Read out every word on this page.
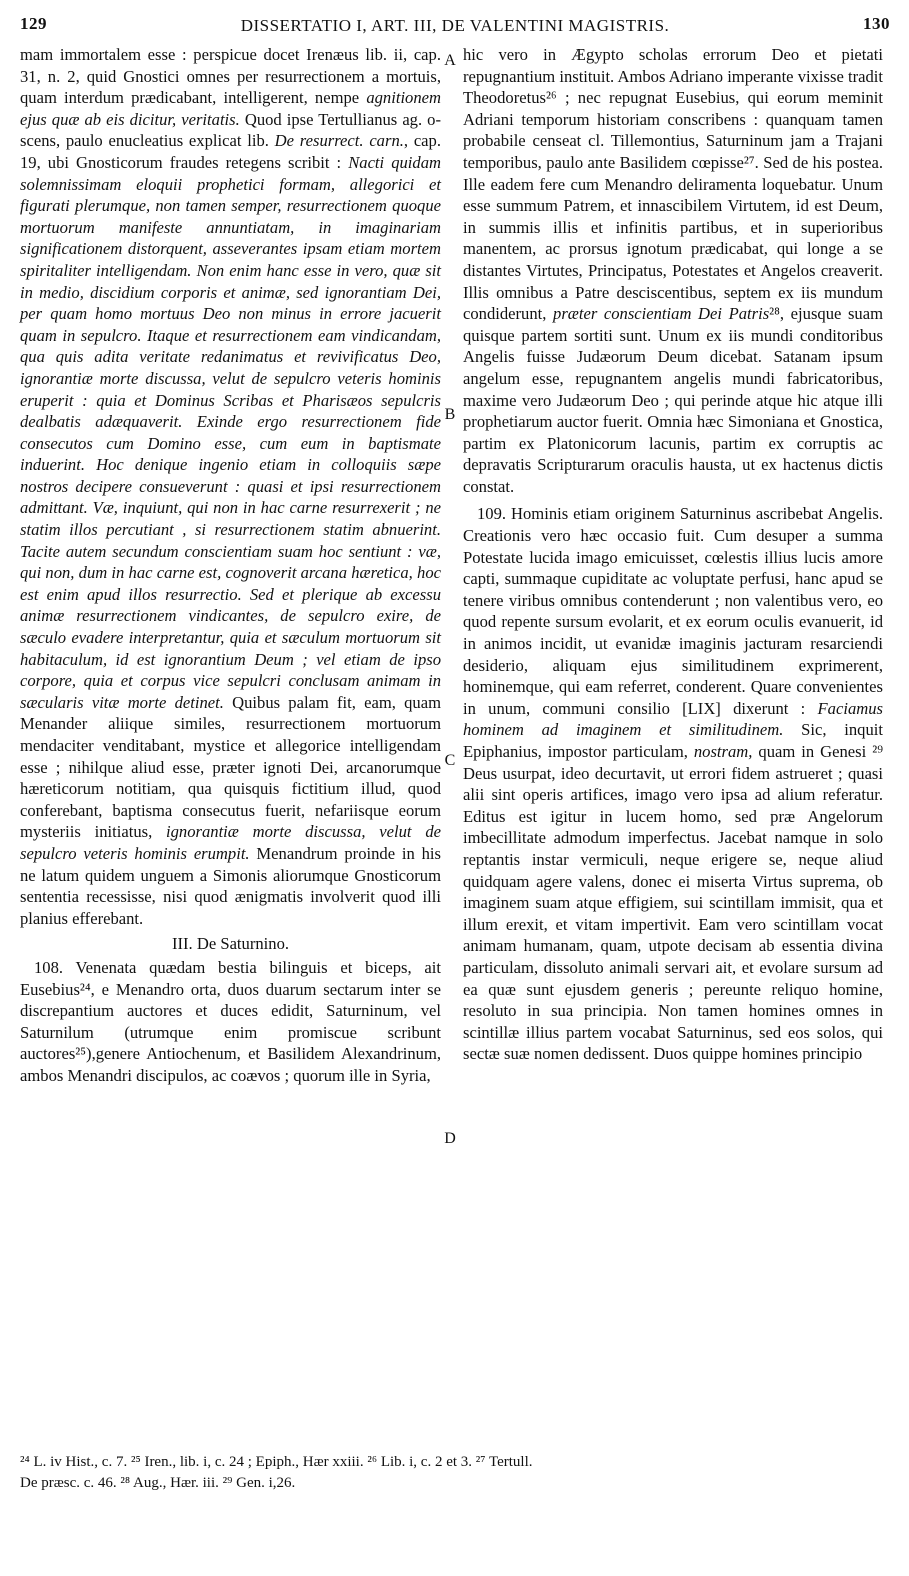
129	DISSERTATIO I, ART. III, DE VALENTINI MAGISTRIS.	130
A
B
C
D

mam immortalem esse : perspicue docet Irenæus lib. ii, cap. 31, n. 2, quid Gnostici omnes per resurrectionem a mortuis, quam interdum prædicabant, intelligerent, nempe agnitionem ejus quæ ab eis dicitur, veritatis. Quod ipse Tertullianus ag. o-scens, paulo enucleatius explicat lib. De resurrect. carn., cap. 19, ubi Gnosticorum fraudes retegens scribit : Nacti quidam solemnissimam eloquii prophetici formam, allegorici et figurati plerumque, non tamen semper, resurrectionem quoque mortuorum manifeste annuntiatam, in imaginariam significationem distorquent, asseverantes ipsam etiam mortem spiritaliter intelligendam. Non enim hanc esse in vero, quæ sit in medio, discidium corporis et animæ, sed ignorantiam Dei, per quam homo mortuus Deo non minus in errore jacuerit quam in sepulcro. Itaque et resurrectionem eam vindicandam, qua quis adita veritate redanimatus et revivificatus Deo, ignorantiæ morte discussa, velut de sepulcro veteris hominis eruperit : quia et Dominus Scribas et Pharisæos sepulcris dealbatis adæquaverit. Exinde ergo resurrectionem fide consecutos cum Domino esse, cum eum in baptismate induerint. Hoc denique ingenio etiam in colloquiis sæpe nostros decipere consueverunt : quasi et ipsi resurrectionem admittant. Væ, inquiunt, qui non in hac carne resurrexerit ; ne statim illos percutiant , si resurrectionem statim abnuerint. Tacite autem secundum conscientiam suam hoc sentiunt : væ, qui non, dum in hac carne est, cognoverit arcana hæretica, hoc est enim apud illos resurrectio. Sed et plerique ab excessu animæ resurrectionem vindicantes, de sepulcro exire, de sæculo evadere interpretantur, quia et sæculum mortuorum sit habitaculum, id est ignorantium Deum ; vel etiam de ipso corpore, quia et corpus vice sepulcri conclusam animam in sæcularis vitæ morte detinet. Quibus palam fit, eam, quam Menander aliique similes, resurrectionem mortuorum mendaciter venditabant, mystice et allegorice intelligendam esse ; nihilque aliud esse, præter ignoti Dei, arcanorumque hæreticorum notitiam, qua quisquis fictitium illud, quod conferebant, baptisma consecutus fuerit, nefariisque eorum mysteriis initiatus, ignorantiæ morte discussa, velut de sepulcro veteris hominis erumpit. Menandrum proinde in his ne latum quidem unguem a Simonis aliorumque Gnosticorum sententia recessisse, nisi quod ænigmatis involverit quod illi planius efferebant.

III. De Saturnino.

108. Venenata quædam bestia bilinguis et biceps, ait Eusebius²⁴, e Menandro orta, duos duarum sectarum inter se discrepantium auctores et duces edidit, Saturninum, vel Saturnilum (utrumque enim promiscue scribunt auctores²⁵),genere Antiochenum, et Basilidem Alexandrinum, ambos Menandri discipulos, ac coævos ; quorum ille in Syria,

hic vero in Ægypto scholas errorum Deo et pietati repugnantium instituit. Ambos Adriano imperante vixisse tradit Theodoretus²⁶ ; nec repugnat Eusebius, qui eorum meminit Adriani temporum historiam conscribens : quanquam tamen probabile censeat cl. Tillemontius, Saturninum jam a Trajani temporibus, paulo ante Basilidem cœpisse²⁷. Sed de his postea. Ille eadem fere cum Menandro deliramenta loquebatur. Unum esse summum Patrem, et innascibilem Virtutem, id est Deum, in summis illis et infinitis partibus, et in superioribus manentem, ac prorsus ignotum prædicabat, qui longe a se distantes Virtutes, Principatus, Potestates et Angelos creaverit. Illis omnibus a Patre desciscentibus, septem ex iis mundum condiderunt, præter conscientiam Dei Patris²⁸, ejusque suam quisque partem sortiti sunt. Unum ex iis mundi conditoribus Angelis fuisse Judæorum Deum dicebat. Satanam ipsum angelum esse, repugnantem angelis mundi fabricatoribus, maxime vero Judæorum Deo ; qui perinde atque hic atque illi prophetiarum auctor fuerit. Omnia hæc Simoniana et Gnostica, partim ex Platonicorum lacunis, partim ex corruptis ac depravatis Scripturarum oraculis hausta, ut ex hactenus dictis constat.

109. Hominis etiam originem Saturninus ascribebat Angelis. Creationis vero hæc occasio fuit. Cum desuper a summa Potestate lucida imago emicuisset, cœlestis illius lucis amore capti, summaque cupiditate ac voluptate perfusi, hanc apud se tenere viribus omnibus contenderunt ; non valentibus vero, eo quod repente sursum evolarit, et ex eorum oculis evanuerit, id in animos incidit, ut evanidæ imaginis jacturam resarciendi desiderio, aliquam ejus similitudinem exprimerent, hominemque, qui eam referret, conderent. Quare convenientes in unum, communi consilio [LIX] dixerunt : Faciamus hominem ad imaginem et similitudinem. Sic, inquit Epiphanius, impostor particulam, nostram, quam in Genesi ²⁹ Deus usurpat, ideo decurtavit, ut errori fidem astrueret ; quasi alii sint operis artifices, imago vero ipsa ad alium referatur. Editus est igitur in lucem homo, sed præ Angelorum imbecillitate admodum imperfectus. Jacebat namque in solo reptantis instar vermiculi, neque erigere se, neque aliud quidquam agere valens, donec ei miserta Virtus suprema, ob imaginem suam atque effigiem, sui scintillam immisit, qua et illum erexit, et vitam impertivit. Eam vero scintillam vocat animam humanam, quam, utpote decisam ab essentia divina particulam, dissoluto animali servari ait, et evolare sursum ad ea quæ sunt ejusdem generis ; pereunte reliquo homine, resoluto in sua principia. Non tamen homines omnes in scintillæ illius partem vocabat Saturninus, sed eos solos, qui sectæ suæ nomen dedissent. Duos quippe homines principio

²⁴ L. iv Hist., c. 7. ²⁵ Iren., lib. i, c. 24 ; Epiph., Hær xxiii. ²⁶ Lib. i, c. 2 et 3. ²⁷ Tertull.
De præsc. c. 46. ²⁸ Aug., Hær. iii. ²⁹ Gen. i,26.
